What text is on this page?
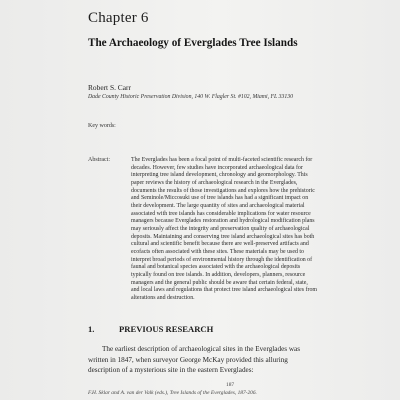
Chapter 6
The Archaeology of Everglades Tree Islands
Robert S. Carr
Dade County Historic Preservation Division, 140 W. Flagler St. #102, Miami, FL 33130
Key words:
Abstract:	The Everglades has been a focal point of multi-faceted scientific research for
decades. However, few studies have incorporated archaeological data for
interpreting tree island development, chronology and geomorphology. This
paper reviews the history of archaeological research in the Everglades,
documents the results of those investigations and explores how the prehistoric
and Seminole/Miccosuki use of tree islands has had a significant impact on
their development. The large quantity of sites and archaeological material
associated with tree islands has considerable implications for water resource
managers because Everglades restoration and hydrological modification plans
may seriously affect the integrity and preservation quality of archaeological
deposits. Maintaining and conserving tree island archaeological sites has both
cultural and scientific benefit because there are well-preserved artifacts and
ecofacts often associated with these sites. These materials may be used to
interpret broad periods of environmental history through the identification of
faunal and botanical species associated with the archaeological deposits
typically found on tree islands. In addition, developers, planners, resource
managers and the general public should be aware that certain federal, state,
and local laws and regulations that protect tree island archaeological sites from
alterations and destruction.

1.	PREVIOUS RESEARCH
The earliest description of archaeological sites in the Everglades was
written in 1847, when surveyor George McKay provided this alluring
description of a mysterious site in the eastern Everglades:
187
F.H. Sklar and A. van der Valk (eds.), Tree Islands of the Everglades, 187-206.
